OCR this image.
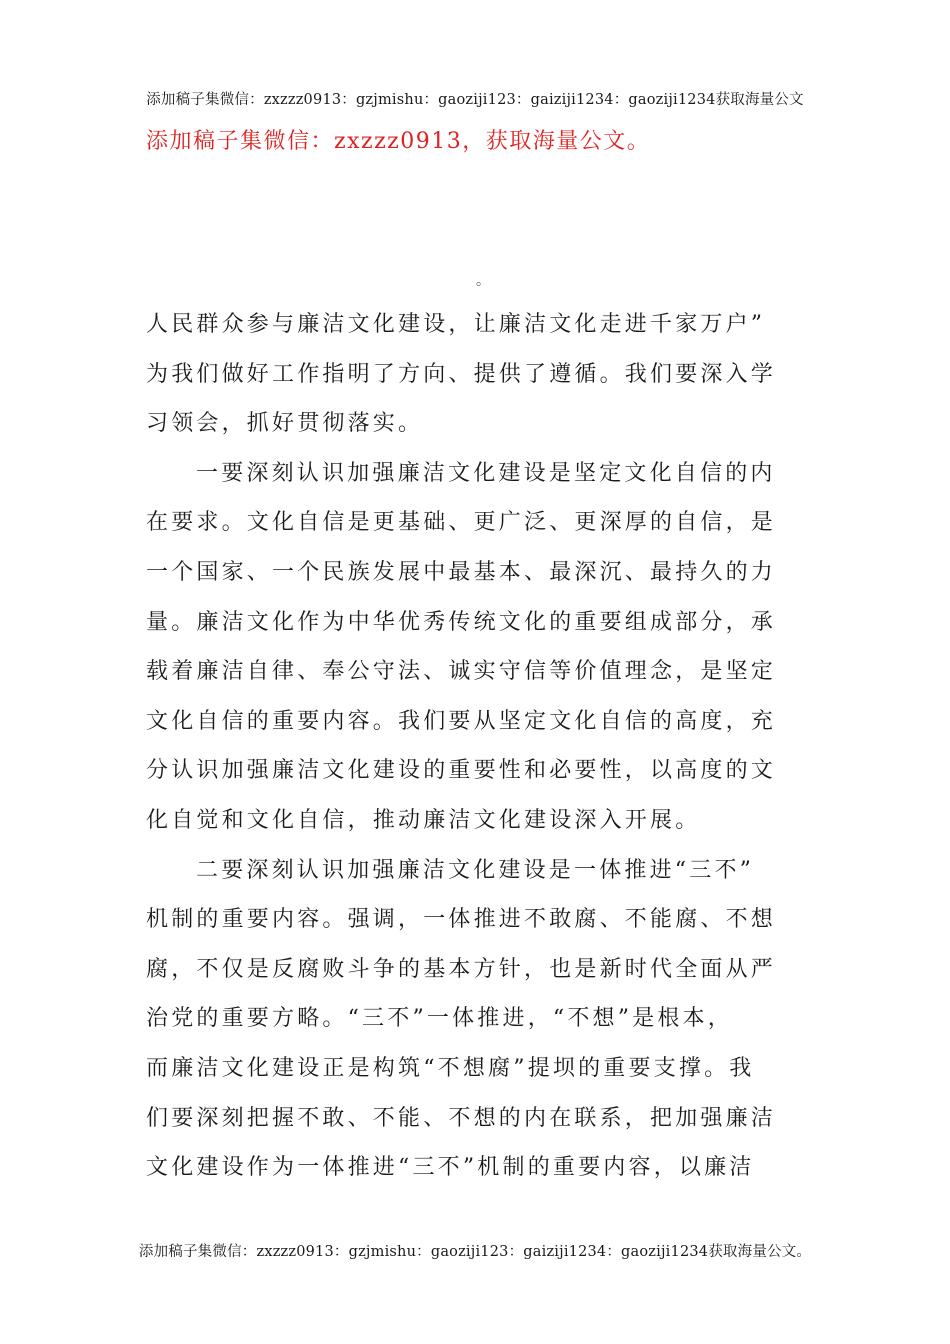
添加稿子集微信：zxzzz0913：gzjmishu：gaoziji123：gaiziji1234：gaoziji1234获取海量公文
添加稿子集微信：zxzzz0913，获取海量公文。
。
人民群众参与廉洁文化建设，让廉洁文化走进千家万户”
为我们做好工作指明了方向、提供了遵循。我们要深入学
习领会，抓好贯彻落实。
一要深刻认识加强廉洁文化建设是坚定文化自信的内
在要求。文化自信是更基础、更广泛、更深厚的自信，是
一个国家、一个民族发展中最基本、最深沉、最持久的力
量。廉洁文化作为中华优秀传统文化的重要组成部分，承
载着廉洁自律、奉公守法、诚实守信等价值理念，是坚定
文化自信的重要内容。我们要从坚定文化自信的高度，充
分认识加强廉洁文化建设的重要性和必要性，以高度的文
化自觉和文化自信，推动廉洁文化建设深入开展。
二要深刻认识加强廉洁文化建设是一体推进“三不”
机制的重要内容。强调，一体推进不敢腐、不能腐、不想
腐，不仅是反腐败斗争的基本方针，也是新时代全面从严
治党的重要方略。“三不”一体推进，“不想”是根本，
而廉洁文化建设正是构筑“不想腐”提坝的重要支撑。我
们要深刻把握不敢、不能、不想的内在联系，把加强廉洁
文化建设作为一体推进“三不”机制的重要内容，以廉洁
添加稿子集微信：zxzzz0913：gzjmishu：gaoziji123：gaiziji1234：gaoziji1234获取海量公文。
